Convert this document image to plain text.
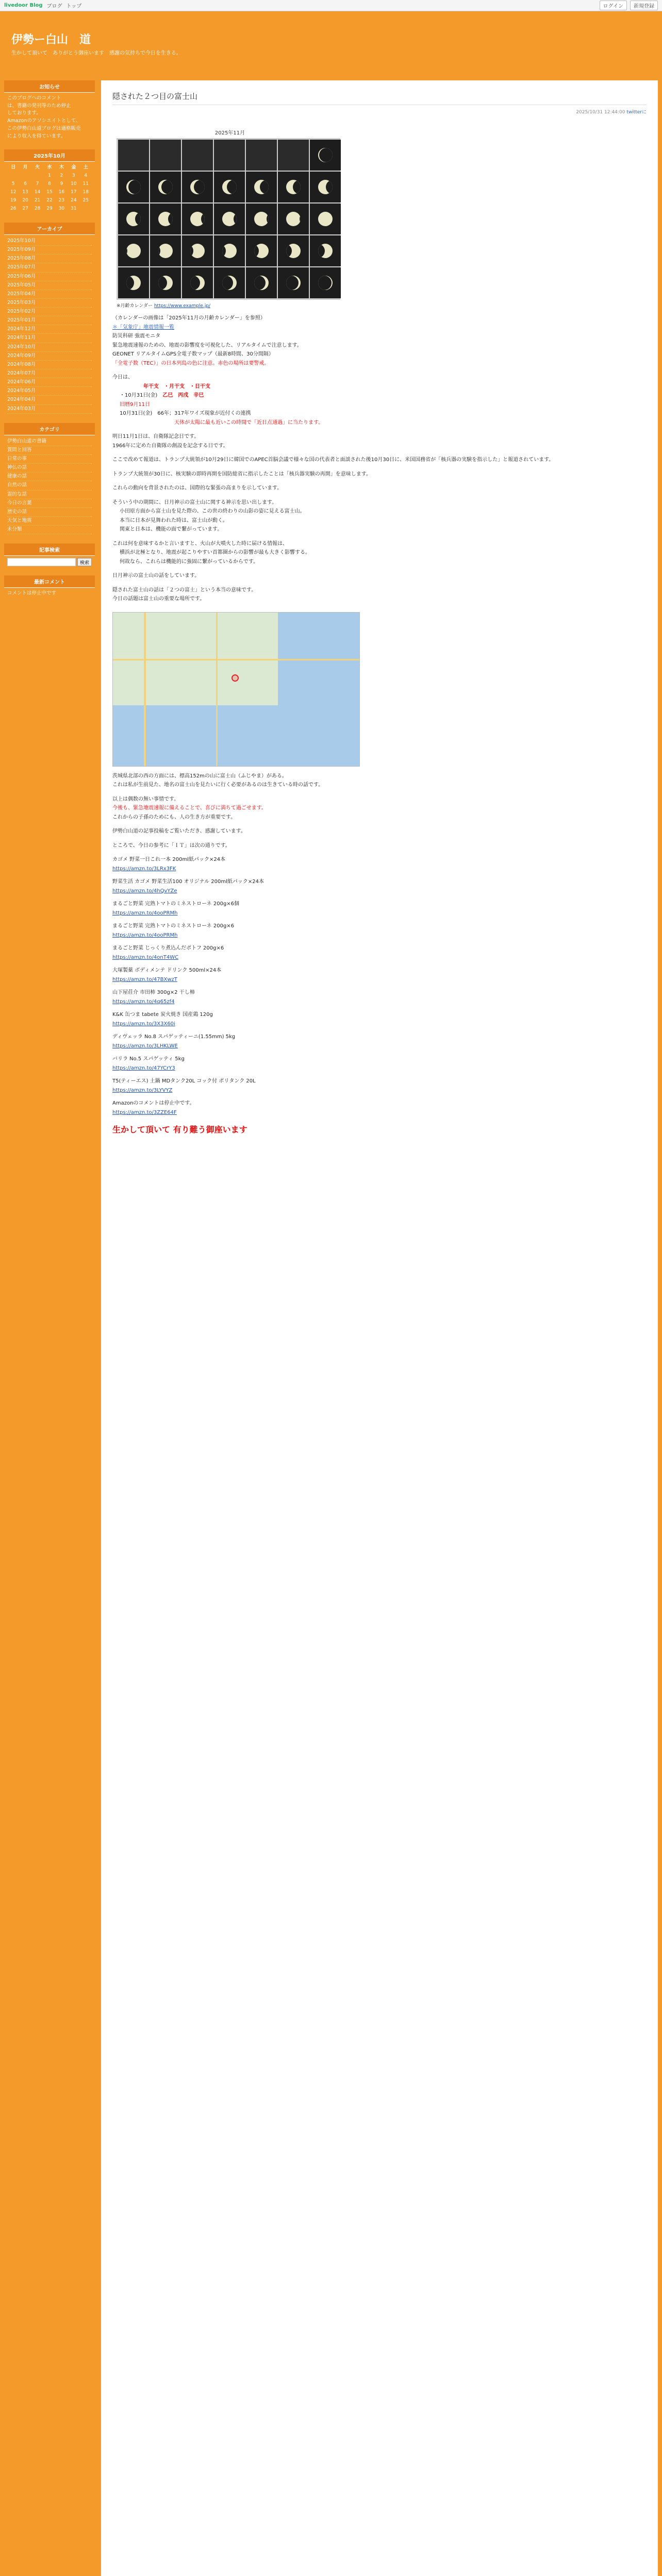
livedoor Blog ブログ トップ	ログイン	新規登録
伊勢ー白山　道
生かして頂いて　ありがとう御座います　感謝の気持ちで今日を生きる。
お知らせ
このブログへのコメント
は、書籍の発刊等のため停止
しております。
Amazonのアソシエイトとして、
この伊勢白山道ブログは適格販売
により収入を得ています。
2025年10月
日	月	火	水	木	金	土
			1	2	3	4
5	6	7	8	9	10	11
12	13	14	15	16	17	18
19	20	21	22	23	24	25
26	27	28	29	30	31	
アーカイブ
2025年10月
2025年09月
2025年08月
2025年07月
2025年06月
2025年05月
2025年04月
2025年03月
2025年02月
2025年01月
2024年12月
2024年11月
2024年10月
2024年09月
2024年08月
2024年07月
2024年06月
2024年05月
2024年04月
2024年03月
カテゴリ
伊勢白山道の書籍
質問と回答
日常の事
神仏の話
健康の話
自然の話
霊的な話
今日の言葉
歴史の話
天気と地震
未分類
記事検索
検索
最新コメント
コメントは停止中です
隠された２つ目の富士山
2025/10/31 12:44:00 twitterに
2025年11月
※月齢カレンダー https://www.example.jp/
（カレンダーの画像は「2025年11月の月齢カレンダー」を参照）
＊「気象庁」地震情報一覧
防災科研 強震モニタ
緊急地震速報のための、地震の影響度を可視化した、リアルタイムで注意します。
GEONET リアルタイムGPS全電子数マップ（最新8時間、30分間隔）
「全電子数（TEC）」の日本列島の色に注意。赤色の場所は要警戒。
今日は、
年干支　・月干支　・日干支
・10月31日(金)　 乙巳　丙戌　辛巳
旧暦9月11日
10月31日(金)　66年；317年ワイズ現象が近付くの連携
天体が太陽に最も近いこの時間で「近日点通過」に当たります。
明日11月1日は、自衛隊記念日です。
1966年に定めた自衛隊の創設を記念する日です。
ここで改めて報道は、トランプ大統領が10月29日に韓国でのAPEC首脳会議で様々な国の代表者と面談された後10月30日に、米国国務省が「核兵器の実験を指示した」と報道されています。
トランプ大統領が30日に、核実験の即時再開を国防総省に指示したことは「核兵器実験の再開」を意味します。
これらの動向を背景されたのは、国際的な緊張の高まりを示しています。
そういう中の期間に、日月神示の富士山に関する神示を思い出します。
小田原方面から富士山を見た際の、この世の終わりの山影の姿に見える富士山。
本当に日本が見舞われた時は、富士山が動く。
関東と日本は、機能の面で繋がっています。
これは何を意味するかと言いますと、火山が大噴火した時に届ける情報は、
横浜が北極となり、地震が起こりやすい首都圏からの影響が最も大きく影響する。
何故なら、これらは機能的に強固に繋がっているからです。
日月神示の富士山の話をしています。
隠された富士山の話は「２つの富士」という本当の意味です。
今日の話題は富士山の重要な場所です。
茨城県北部の西の方面には、標高152mの山に富士山（ふじやま）がある。
これは私が生前見た、地名の富士山を見たいに行く必要があるのは生きている時の話です。
以上は偶数の無い事情です。
今後も、緊急地震速報に備えることで、喜びに満ちて過ごせます。
これからの子孫のためにも、人の生き方が重要です。
伊勢白山道の記事投稿をご覧いただき、感謝しています。
ところで、今日の参考に「ＩＴ」は次の通りです。
カゴメ 野菜一日これ一本 200ml紙パック×24本
https://amzn.to/3LRx3FK
野菜生活 カゴメ 野菜生活100 オリジナル 200ml紙パック×24本
https://amzn.to/4hQvYZe
まるごと野菜 完熟トマトのミネストローネ 200g×6個
https://amzn.to/4ooPRMh
まるごと野菜 完熟トマトのミネストローネ 200g×6
https://amzn.to/4ooPRMh
まるごと野菜 じっくり煮込んだポトフ 200g×6
https://amzn.to/4onT4WC
大塚製薬 ボディメンテ ドリンク 500ml×24本
https://amzn.to/47BXwzT
山下屋荘介 市田柿 300g×2 干し柿
https://amzn.to/4q65zf4
K&K 缶つま tabete 炭火焼き 国産鶏 120g
https://amzn.to/3X3X60i
ディヴェッラ No.8 スパゲッティーニ(1.55mm) 5kg
https://amzn.to/3LHKLWE
バリラ No.5 スパゲッティ 5kg
https://amzn.to/47YCrY3
T5(ティーエス) 土鍋 MDタンク20L コック付 ポリタンク 20L
https://amzn.to/3LYVYZ
Amazonのコメントは停止中です。
https://amzn.to/3ZZE64F
生かして頂いて 有り難う御座います
